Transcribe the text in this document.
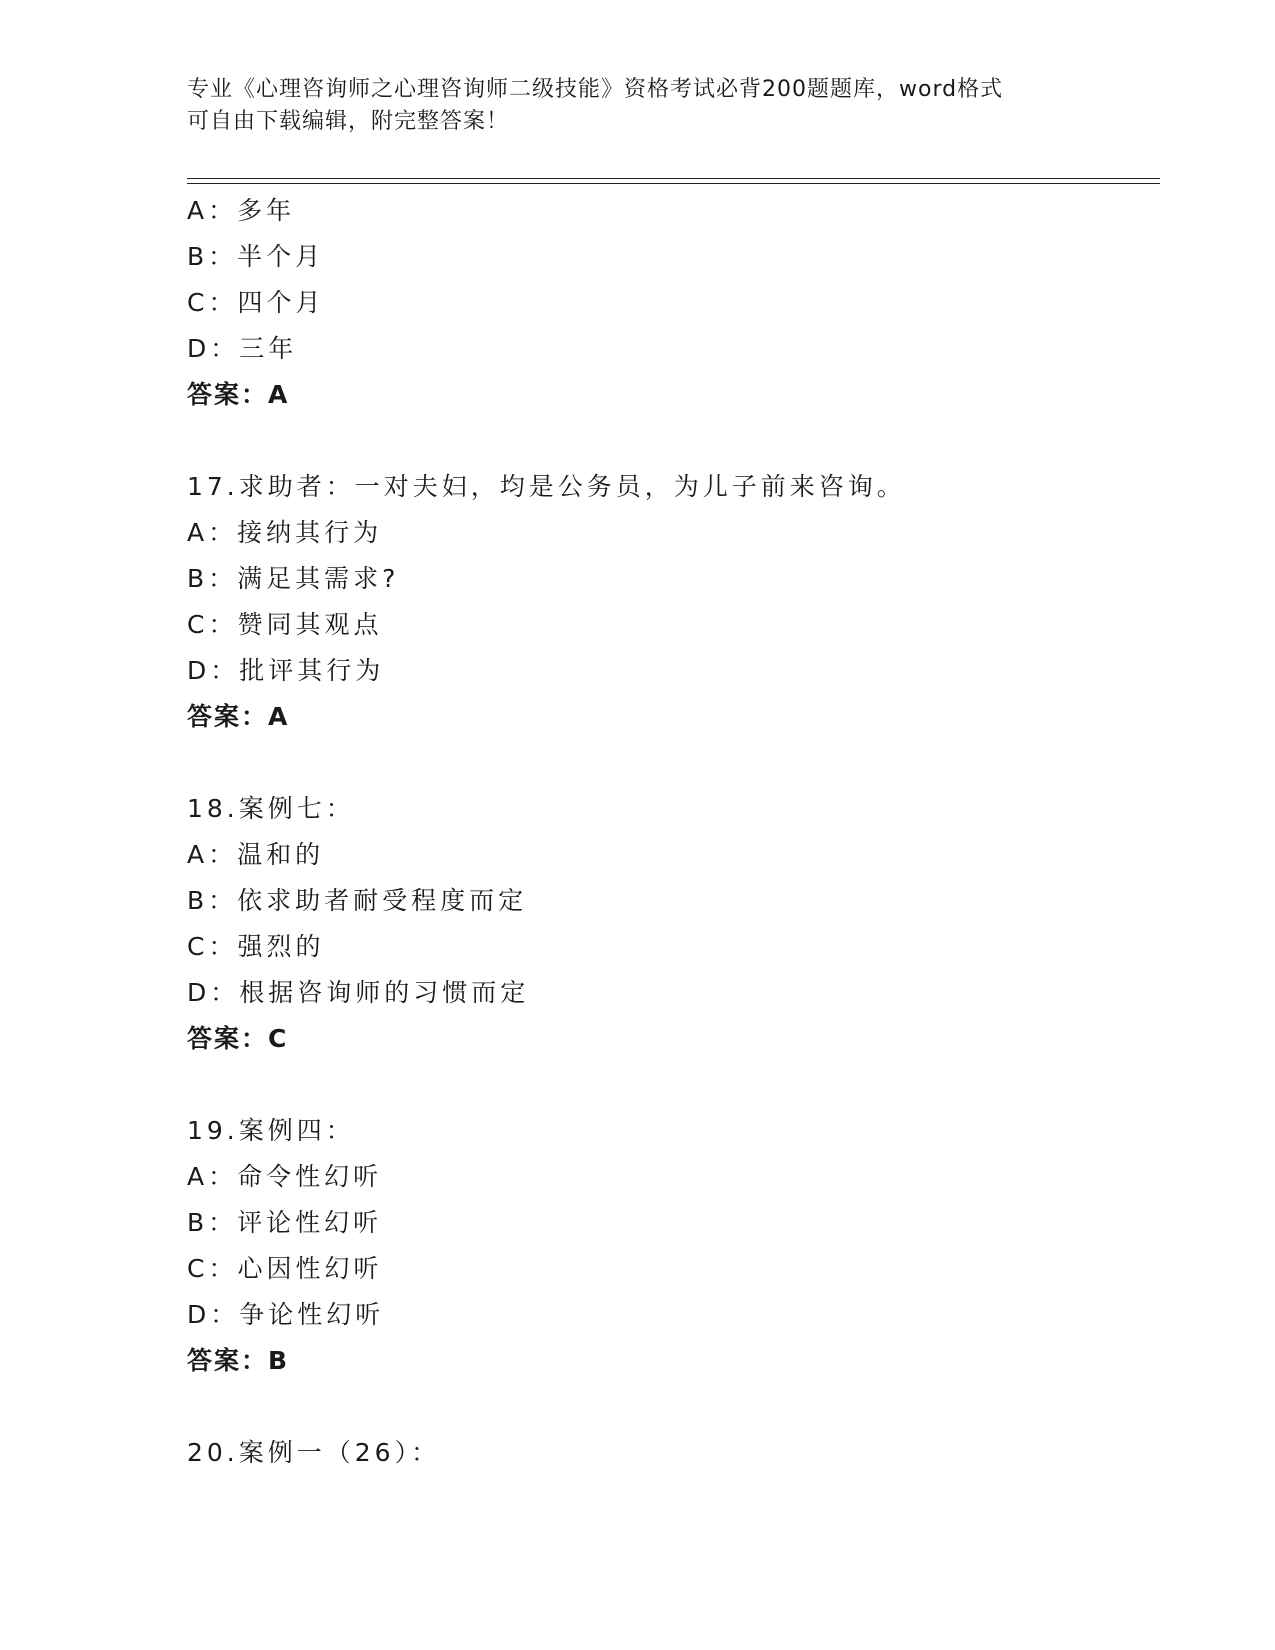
专业《心理咨询师之心理咨询师二级技能》资格考试必背200题题库，word格式
可自由下载编辑，附完整答案！
A：多年
B：半个月
C：四个月
D：三年
答案：A
17.求助者：一对夫妇，均是公务员，为儿子前来咨询。
A：接纳其行为
B：满足其需求?
C：赞同其观点
D：批评其行为
答案：A
18.案例七：
A：温和的
B：依求助者耐受程度而定
C：强烈的
D：根据咨询师的习惯而定
答案：C
19.案例四：
A：命令性幻听
B：评论性幻听
C：心因性幻听
D：争论性幻听
答案：B
20.案例一（26）：
